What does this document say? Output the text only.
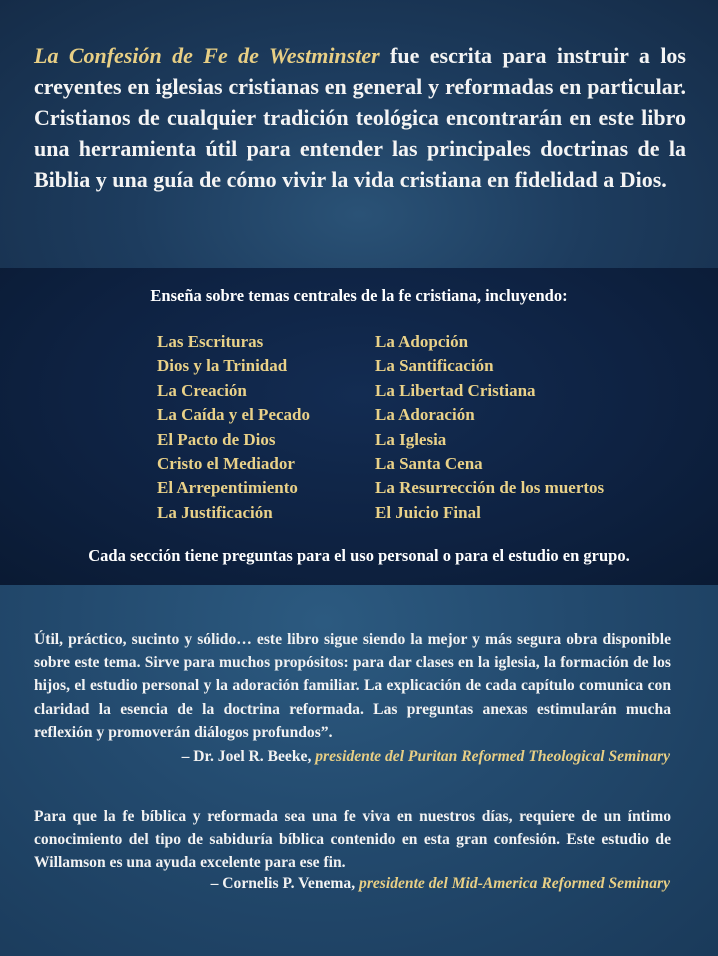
La Confesión de Fe de Westminster fue escrita para instruir a los creyentes en iglesias cristianas en general y reformadas en particular. Cristianos de cualquier tradición teológica encontrarán en este libro una herramienta útil para entender las principales doctrinas de la Biblia y una guía de cómo vivir la vida cristiana en fidelidad a Dios.

Enseña sobre temas centrales de la fe cristiana, incluyendo:

Las Escrituras
Dios y la Trinidad
La Creación
La Caída y el Pecado
El Pacto de Dios
Cristo el Mediador
El Arrepentimiento
La Justificación
La Adopción
La Santificación
La Libertad Cristiana
La Adoración
La Iglesia
La Santa Cena
La Resurrección de los muertos
El Juicio Final

Cada sección tiene preguntas para el uso personal o para el estudio en grupo.

Útil, práctico, sucinto y sólido… este libro sigue siendo la mejor y más segura obra disponible sobre este tema. Sirve para muchos propósitos: para dar clases en la iglesia, la formación de los hijos, el estudio personal y la adoración familiar. La explicación de cada capítulo comunica con claridad la esencia de la doctrina reformada. Las preguntas anexas estimularán mucha reflexión y promoverán diálogos profundos”.

– Dr. Joel R. Beeke, presidente del Puritan Reformed Theological Seminary

Para que la fe bíblica y reformada sea una fe viva en nuestros días, requiere de un íntimo conocimiento del tipo de sabiduría bíblica contenido en esta gran confesión. Este estudio de Willamson es una ayuda excelente para ese fin.

– Cornelis P. Venema, presidente del Mid-America Reformed Seminary
